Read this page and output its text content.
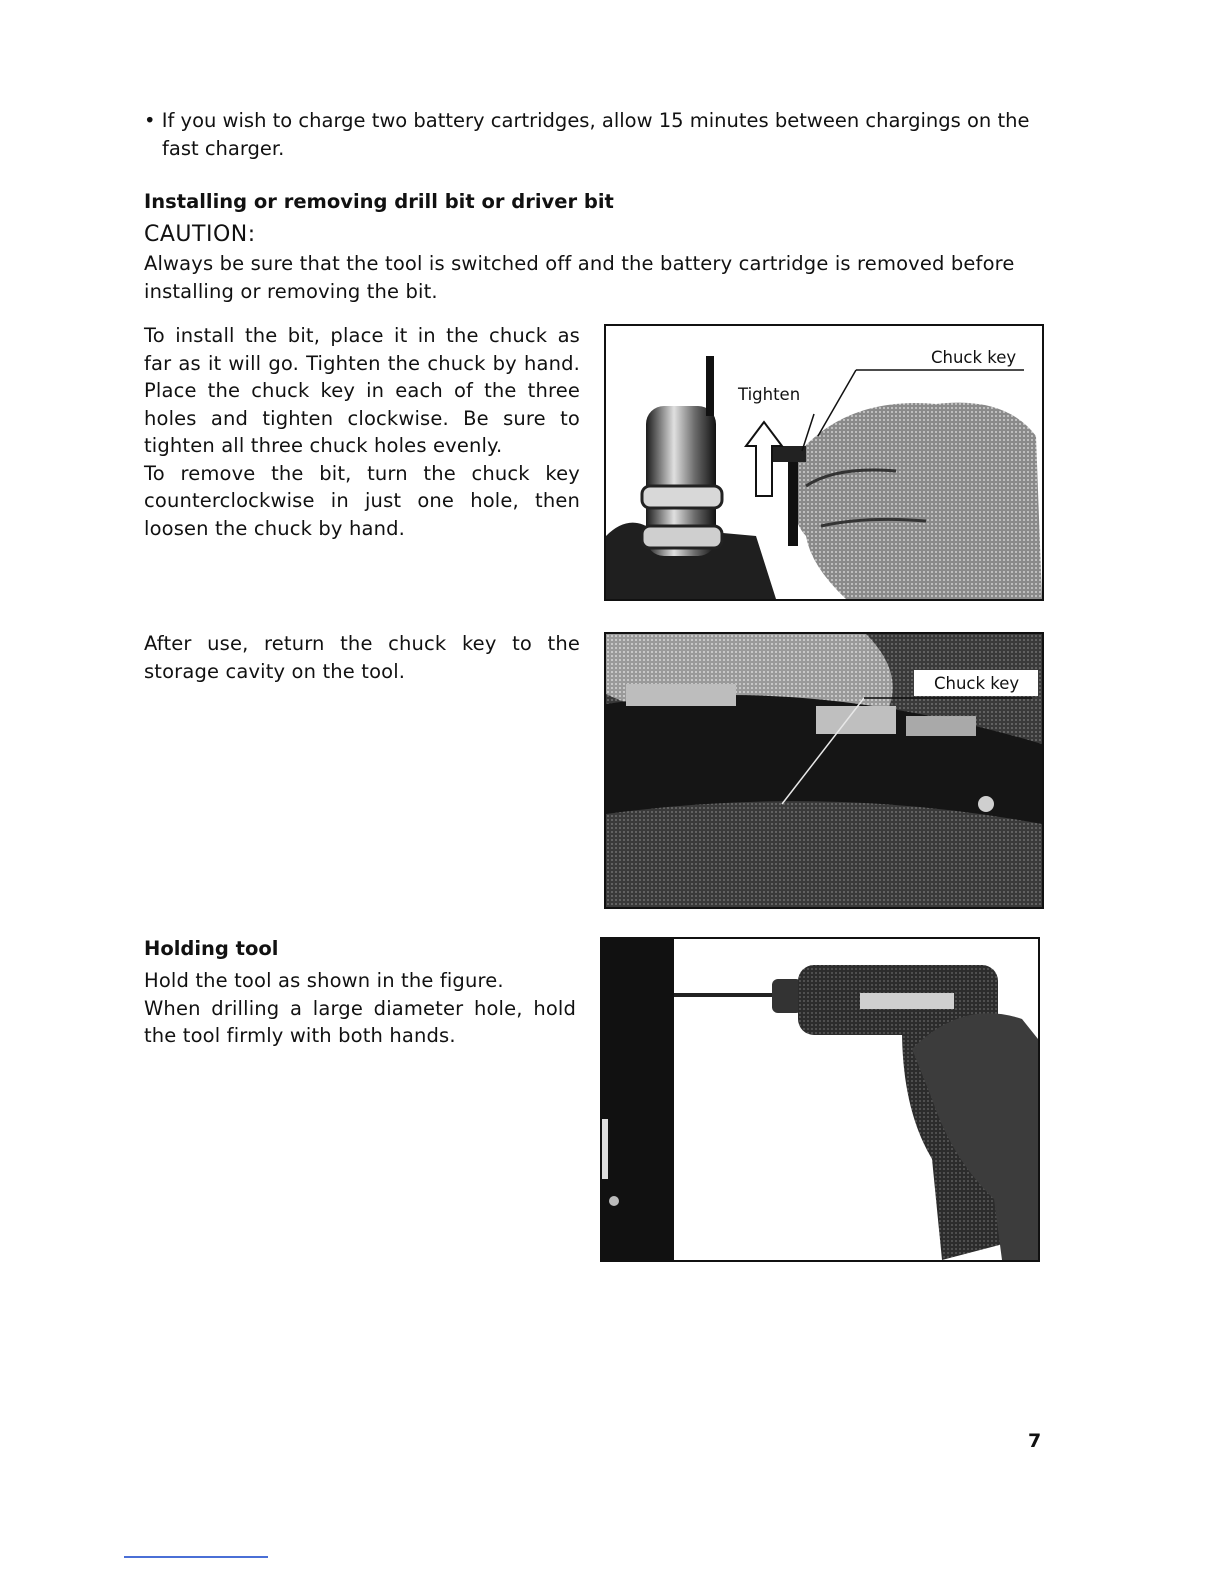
• If you wish to charge two battery cartridges, allow 15 minutes between chargings on the
fast charger.
Installing or removing drill bit or driver bit
CAUTION:
Always be sure that the tool is switched off and the battery cartridge is removed before
installing or removing the bit.
To install the bit, place it in the chuck as
far as it will go. Tighten the chuck by hand.
Place the chuck key in each of the three
holes and tighten clockwise. Be sure to
tighten all three chuck holes evenly.
To remove the bit, turn the chuck key
counterclockwise in just one hole, then
loosen the chuck by hand.
Tighten
Chuck key
After use, return the chuck key to the
storage cavity on the tool.
Chuck key
Holding tool
Hold the tool as shown in the figure.
When drilling a large diameter hole, hold
the tool firmly with both hands.
7
